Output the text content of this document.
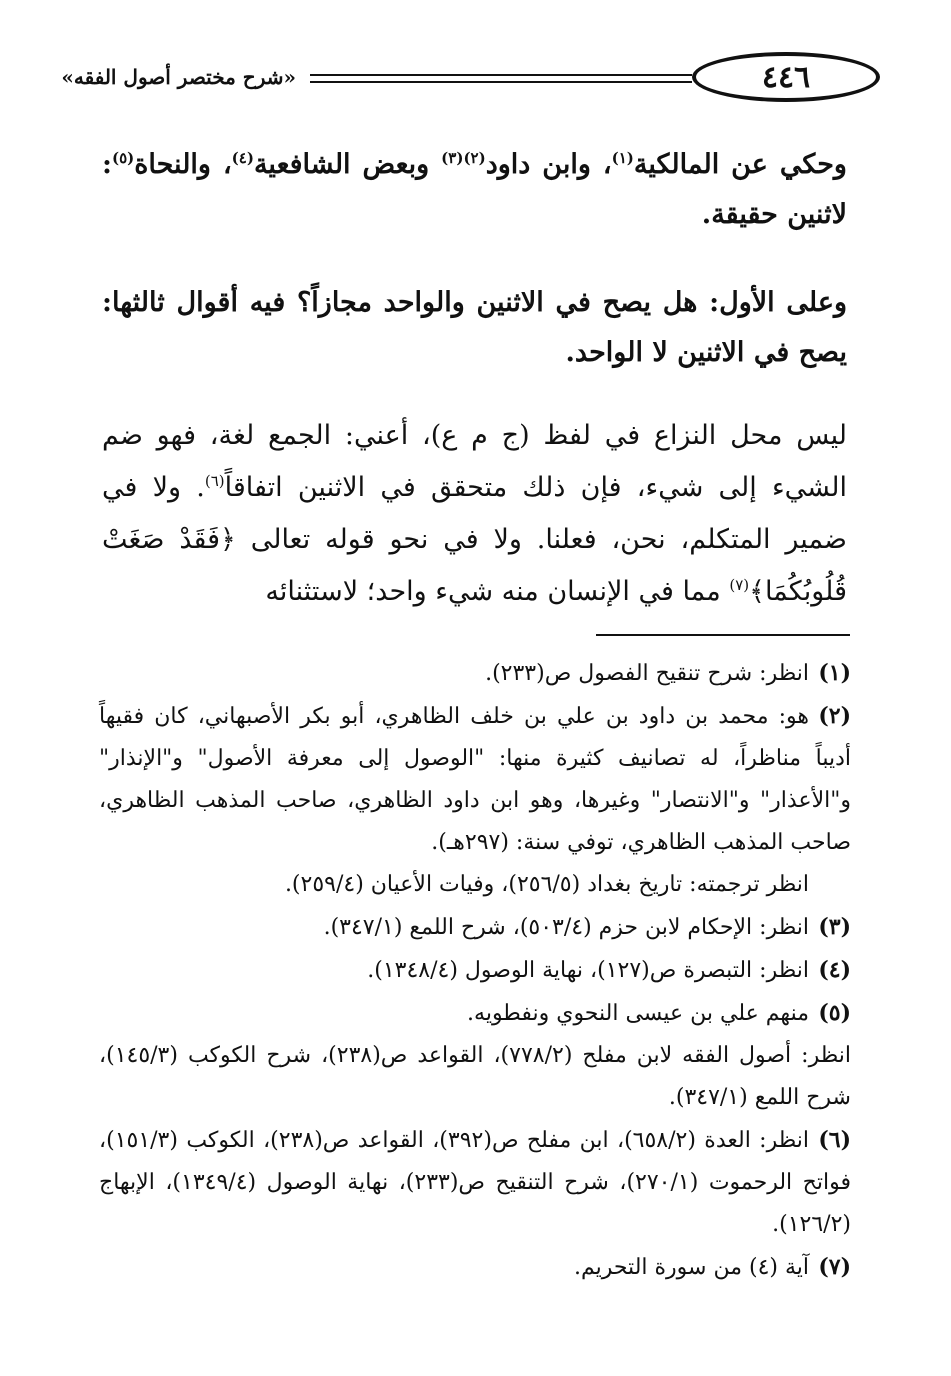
٤٤٦
«شرح مختصر أصول الفقه»

وحكي عن المالكية$^{(١)}$، وابن داود$^{(٢)(٣)}$ وبعض الشافعية$^{(٤)}$، والنحاة$^{(٥)}$: لاثنين حقيقة.

وعلى الأول: هل يصح في الاثنين والواحد مجازاً؟ فيه أقوال ثالثها: يصح في الاثنين لا الواحد.

ليس محل النزاع في لفظ (ج م ع)، أعني: الجمع لغة، فهو ضم الشيء إلى شيء، فإن ذلك متحقق في الاثنين اتفاقاً$^{(٦)}$. ولا في ضمير المتكلم، نحن، فعلنا. ولا في نحو قوله تعالى ﴿فَقَدْ صَغَتْ قُلُوبُكُمَا﴾$^{(٧)}$ مما في الإنسان منه شيء واحد؛ لاستثنائه

(١)انظر: شرح تنقيح الفصول ص(٢٣٣).

(٢)هو: محمد بن داود بن علي بن خلف الظاهري، أبو بكر الأصبهاني، كان فقيهاً أديباً مناظراً، له تصانيف كثيرة منها: "الوصول إلى معرفة الأصول" و"الإنذار" و"الأعذار" و"الانتصار" وغيرها، وهو ابن داود الظاهري، صاحب المذهب الظاهري، صاحب المذهب الظاهري، توفي سنة: (٢٩٧هـ).

انظر ترجمته: تاريخ بغداد (٢٥٦/٥)، وفيات الأعيان (٢٥٩/٤).

(٣)انظر: الإحكام لابن حزم (٥٠٣/٤)، شرح اللمع (٣٤٧/١).

(٤)انظر: التبصرة ص(١٢٧)، نهاية الوصول (١٣٤٨/٤).

(٥)منهم علي بن عيسى النحوي ونفطويه.

انظر: أصول الفقه لابن مفلح (٧٧٨/٢)، القواعد ص(٢٣٨)، شرح الكوكب (١٤٥/٣)، شرح اللمع (٣٤٧/١).

(٦)انظر: العدة (٦٥٨/٢)، ابن مفلح ص(٣٩٢)، القواعد ص(٢٣٨)، الكوكب (١٥١/٣)، فواتح الرحموت (٢٧٠/١)، شرح التنقيح ص(٢٣٣)، نهاية الوصول (١٣٤٩/٤)، الإبهاج (١٢٦/٢).

(٧)آية (٤) من سورة التحريم.
